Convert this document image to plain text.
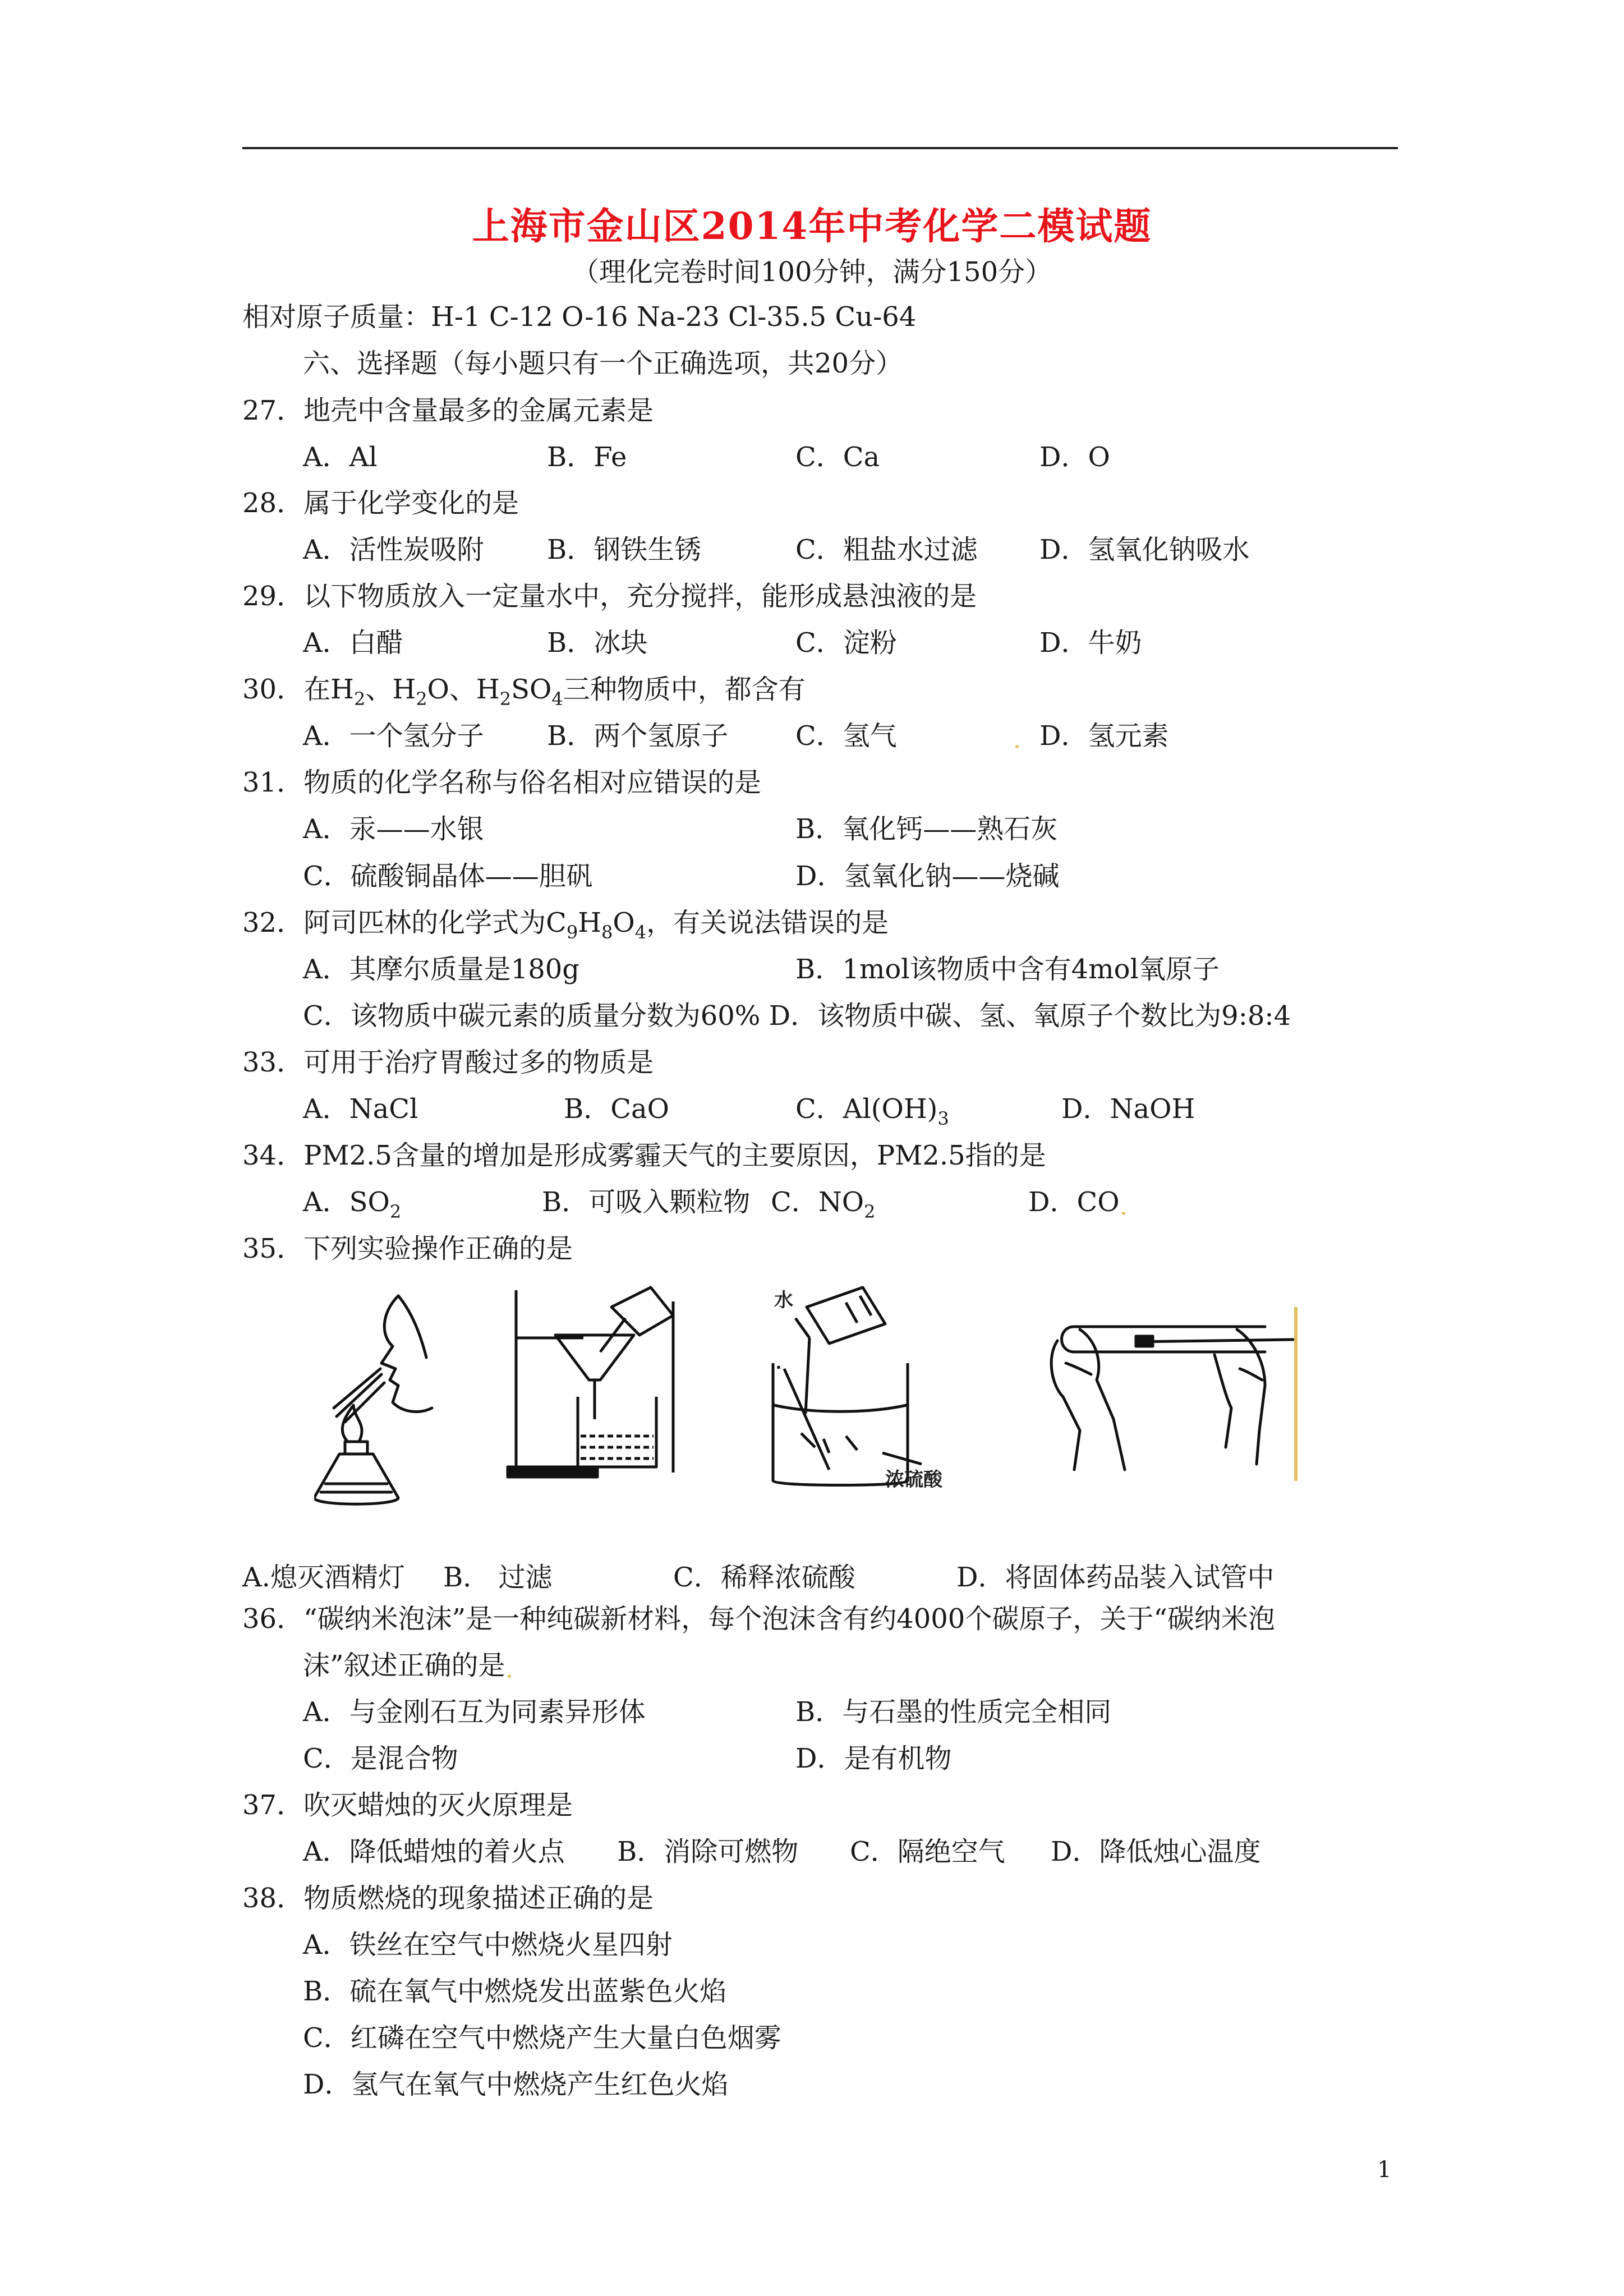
上海市金山区2014年中考化学二模试题
（理化完卷时间100分钟，满分150分）
相对原子质量：H-1 C-12 O-16 Na-23 Cl-35.5 Cu-64
六、选择题（每小题只有一个正确选项，共20分）
27．地壳中含量最多的金属元素是
A．Al	B．Fe	C．Ca	D．O
28．属于化学变化的是
A．活性炭吸附 B．钢铁生锈	C．粗盐水过滤 D．氢氧化钠吸水
29．以下物质放入一定量水中，充分搅拌，能形成悬浊液的是
A．白醋	B．冰块	C．淀粉	D．牛奶
30．在$H_2$、$H_2O$、$H_2SO_4$三种物质中，都含有
A．一个氢分子 B．两个氢原子 C．氢气	D．氢元素
31．物质的化学名称与俗名相对应错误的是
A．汞——水银	B．氧化钙——熟石灰
C．硫酸铜晶体——胆矾	D．氢氧化钠——烧碱
32．阿司匹林的化学式为$C_9H_8O_4$，有关说法错误的是
A．其摩尔质量是180g	B．1mol该物质中含有4mol氧原子
C．该物质中碳元素的质量分数为60% D．该物质中碳、氢、氧原子个数比为9:8:4
33．可用于治疗胃酸过多的物质是
A．NaCl	B．CaO	C．$Al(OH)_3$	D．NaOH
34．PM2.5含量的增加是形成雾霾天气的主要原因，PM2.5指的是
A．$SO_2$	B．可吸入颗粒物 C．$NO_2$	D．CO
35．下列实验操作正确的是
水
浓硫酸
A.熄灭酒精灯 B． 过滤	C．稀释浓硫酸	D．将固体药品装入试管中
36．“碳纳米泡沫”是一种纯碳新材料，每个泡沫含有约4000个碳原子，关于“碳纳米泡
沫”叙述正确的是
A．与金刚石互为同素异形体	B．与石墨的性质完全相同
C．是混合物	D．是有机物
37．吹灭蜡烛的灭火原理是
A．降低蜡烛的着火点 B．消除可燃物 C．隔绝空气 D．降低烛心温度
38．物质燃烧的现象描述正确的是
A．铁丝在空气中燃烧火星四射
B．硫在氧气中燃烧发出蓝紫色火焰
C．红磷在空气中燃烧产生大量白色烟雾
D．氢气在氧气中燃烧产生红色火焰
1
